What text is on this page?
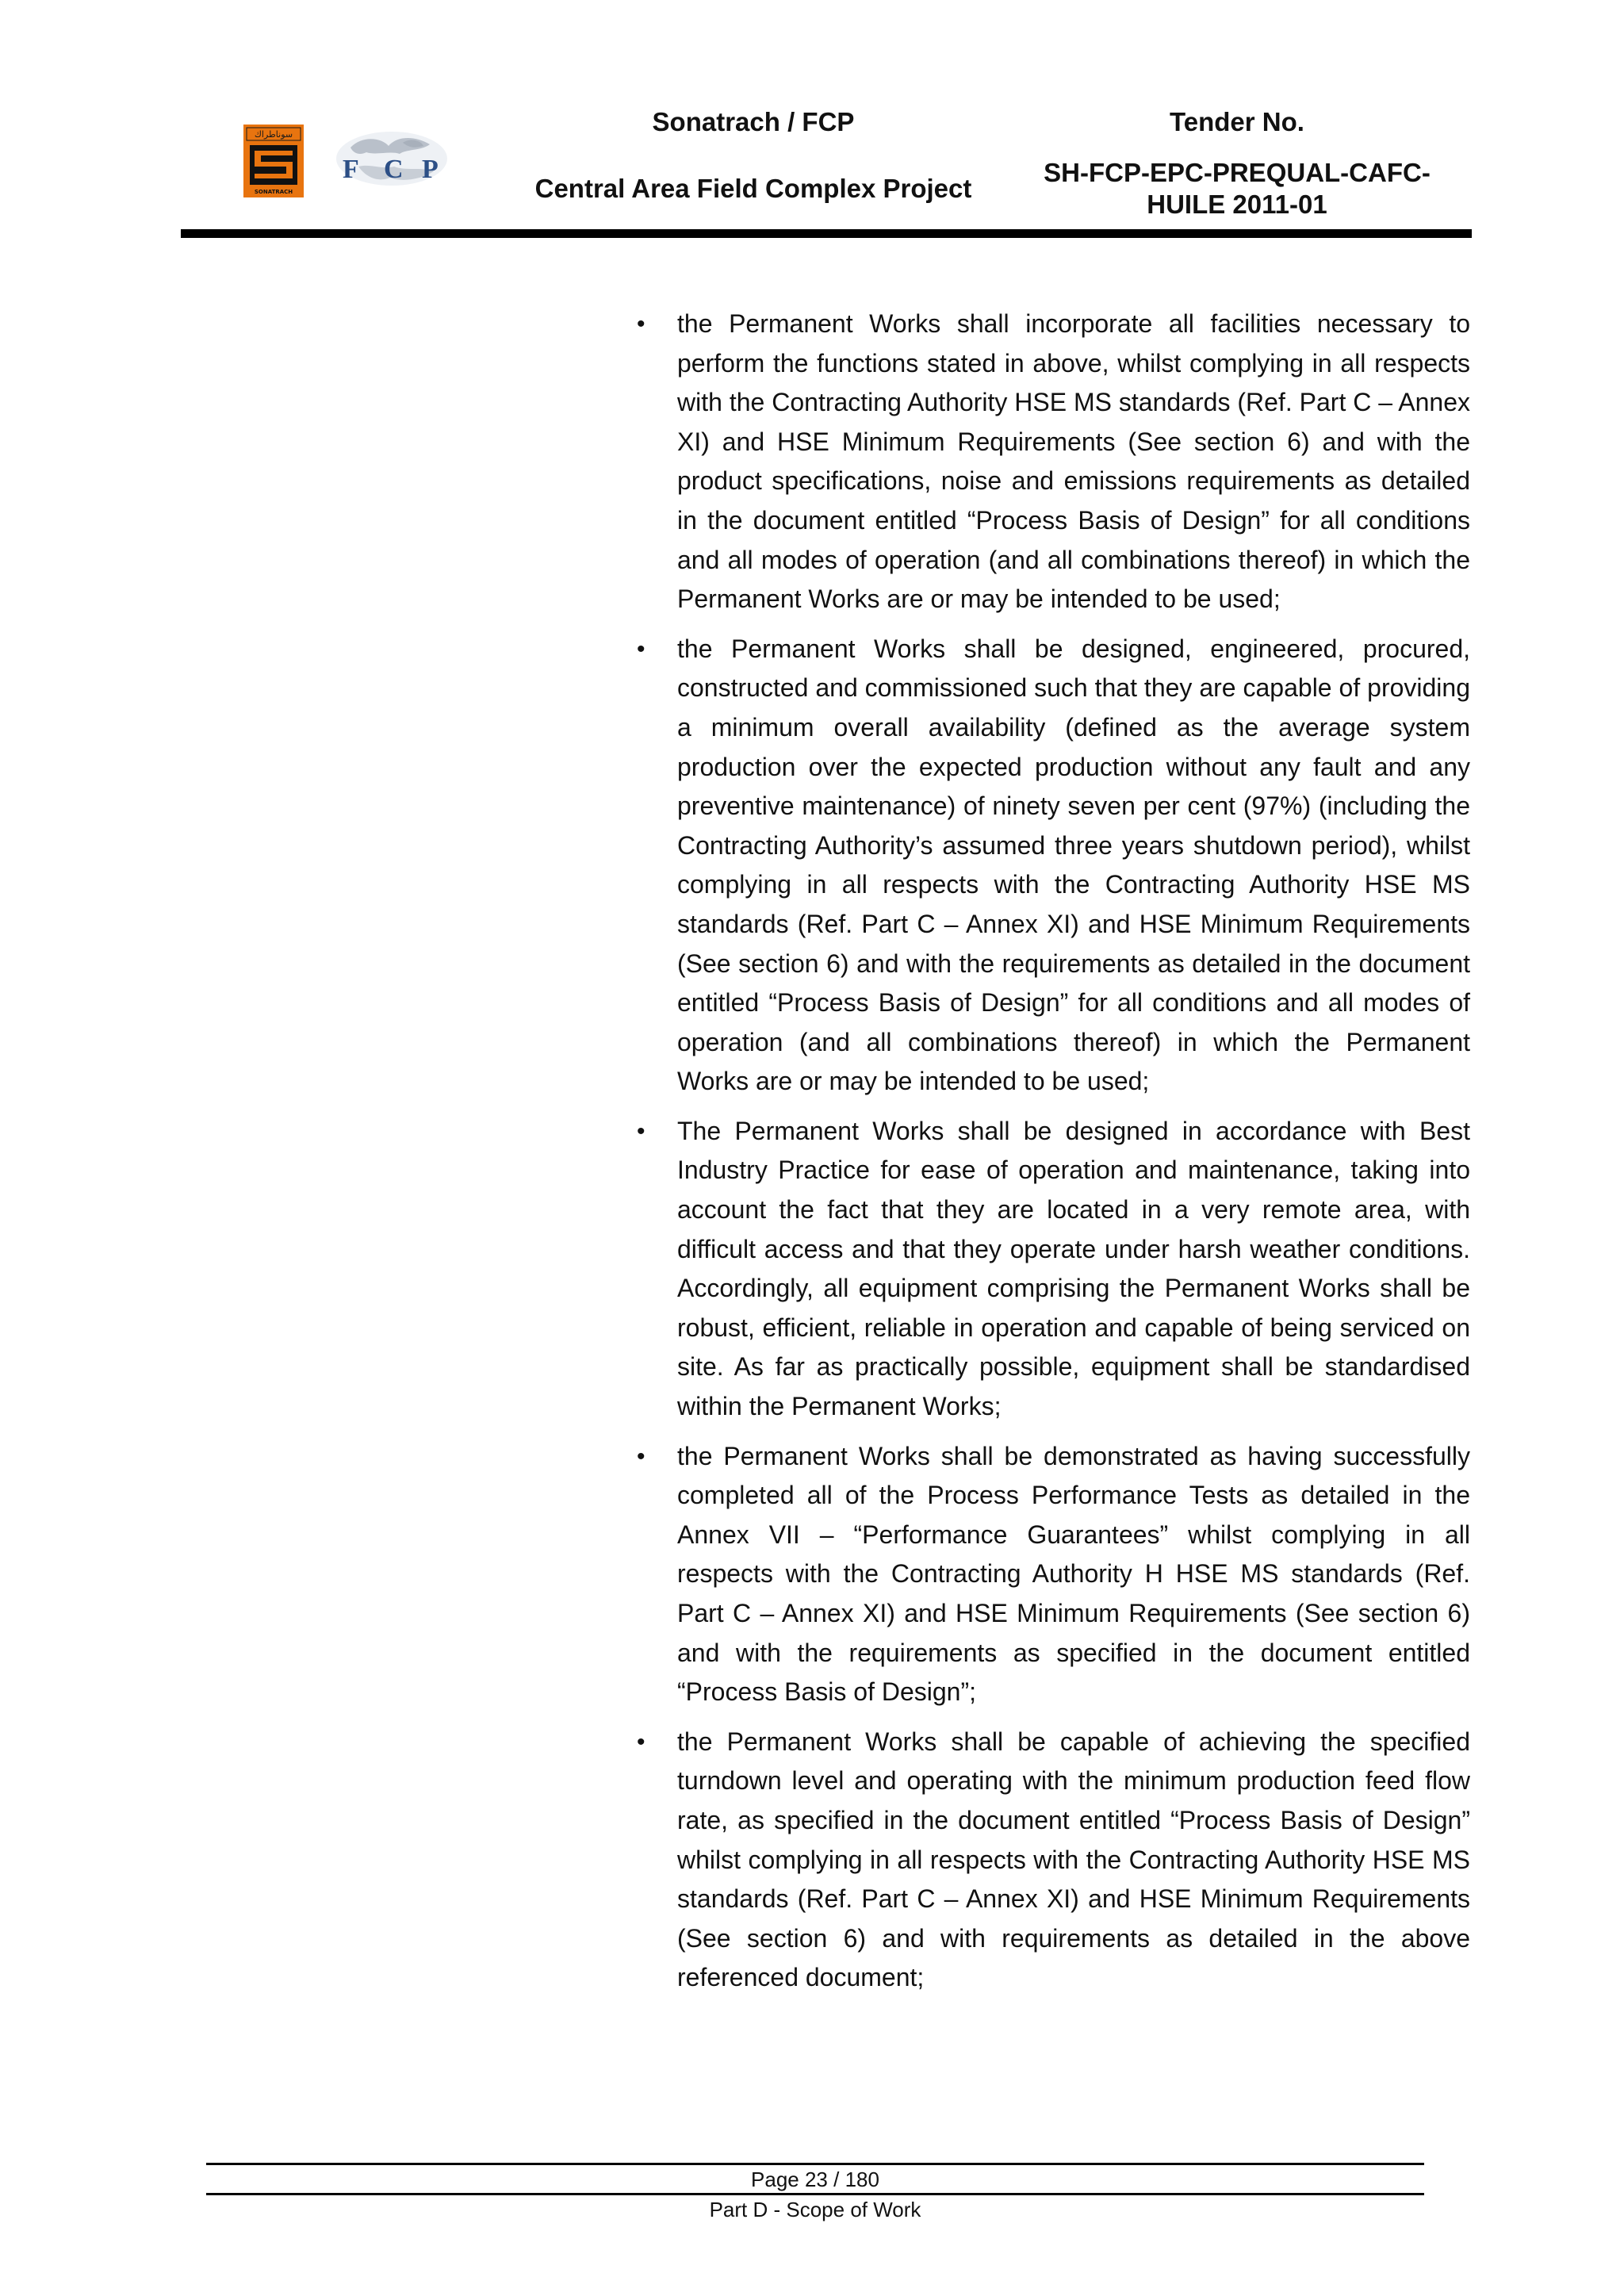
سوناطراك
SONATRACH
F C P
Sonatrach / FCP
Central Area Field Complex Project
Tender No.
SH-FCP-EPC-PREQUAL-CAFC-HUILE 2011-01
• the Permanent Works shall incorporate all facilities necessary to perform the functions stated in above, whilst complying in all respects with the Contracting Authority HSE MS standards (Ref. Part C – Annex XI) and HSE Minimum Requirements (See section 6) and with the product specifications, noise and emissions requirements as detailed in the document entitled “Process Basis of Design” for all conditions and all modes of operation (and all combinations thereof) in which the Permanent Works are or may be intended to be used;
• the Permanent Works shall be designed, engineered, procured, constructed and commissioned such that they are capable of providing a minimum overall availability (defined as the average system production over the expected production without any fault and any preventive maintenance) of ninety seven per cent (97%) (including the Contracting Authority’s assumed three years shutdown period), whilst complying in all respects with the Contracting Authority HSE MS standards (Ref. Part C – Annex XI) and HSE Minimum Requirements (See section 6) and with the requirements as detailed in the document entitled “Process Basis of Design” for all conditions and all modes of operation (and all combinations thereof) in which the Permanent Works are or may be intended to be used;
• The Permanent Works shall be designed in accordance with Best Industry Practice for ease of operation and maintenance, taking into account the fact that they are located in a very remote area, with difficult access and that they operate under harsh weather conditions. Accordingly, all equipment comprising the Permanent Works shall be robust, efficient, reliable in operation and capable of being serviced on site. As far as practically possible, equipment shall be standardised within the Permanent Works;
• the Permanent Works shall be demonstrated as having successfully completed all of the Process Performance Tests as detailed in the Annex VII – “Performance Guarantees” whilst complying in all respects with the Contracting Authority H HSE MS standards (Ref. Part C – Annex XI) and HSE Minimum Requirements (See section 6) and with the requirements as specified in the document entitled “Process Basis of Design”;
• the Permanent Works shall be capable of achieving the specified turndown level and operating with the minimum production feed flow rate, as specified in the document entitled “Process Basis of Design” whilst complying in all respects with the Contracting Authority HSE MS standards (Ref. Part C – Annex XI) and HSE Minimum Requirements (See section 6) and with requirements as detailed in the above referenced document;
Page 23 / 180
Part D - Scope of Work
